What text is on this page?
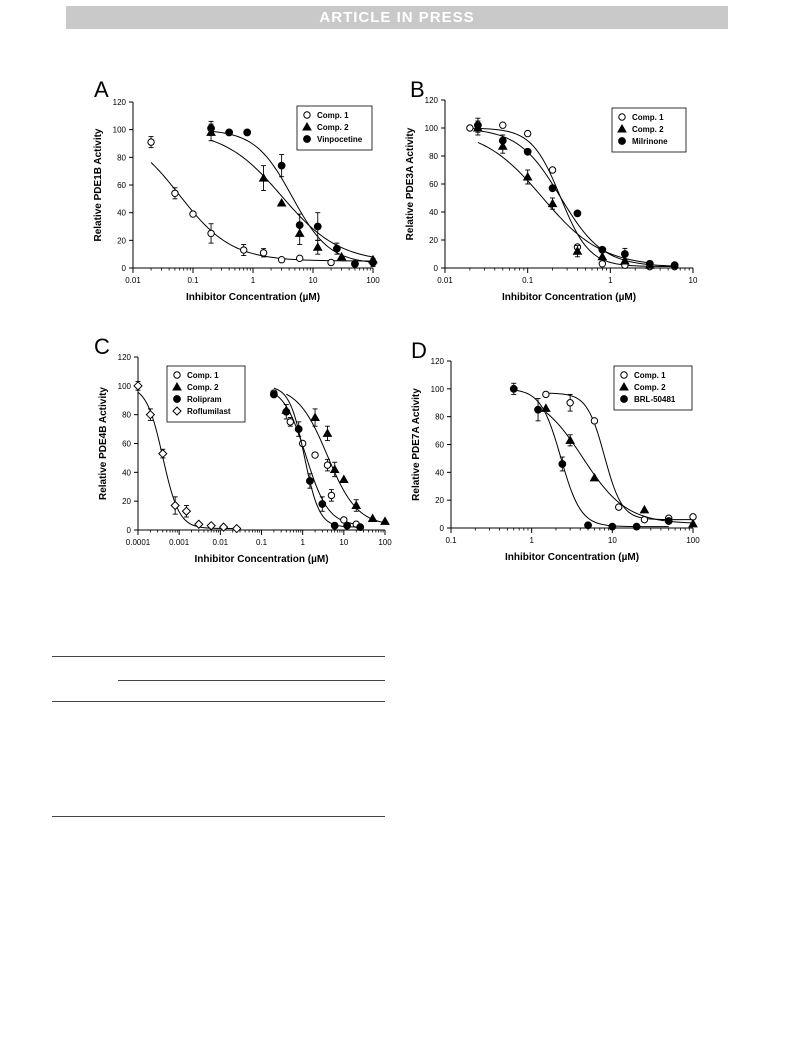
ARTICLE IN PRESS
A
0
20
40
60
80
100
120
0.01	0.1	1	10	100
Inhibitor Concentration (µM)
Relative PDE1B Activity
Comp. 1
Comp. 2
Vinpocetine
B
0
20
40
60
80
100
120
0.01	0.1	1	10
Inhibitor Concentration (µM)
Relative PDE3A Activity
Comp. 1
Comp. 2
Milrinone
C
0
20
40
60
80
100
120
0.0001 0.001	0.01	0.1	1	10	100
Inhibitor Concentration (µM)
Relative PDE4B Activity
Comp. 1
Comp. 2
Rolipram
Roflumilast
D
0
20
40
60
80
100
120
0.1	1	10	100
Inhibitor Concentration (µM)
Relative PDE7A Activity
Comp. 1
Comp. 2
BRL-50481
